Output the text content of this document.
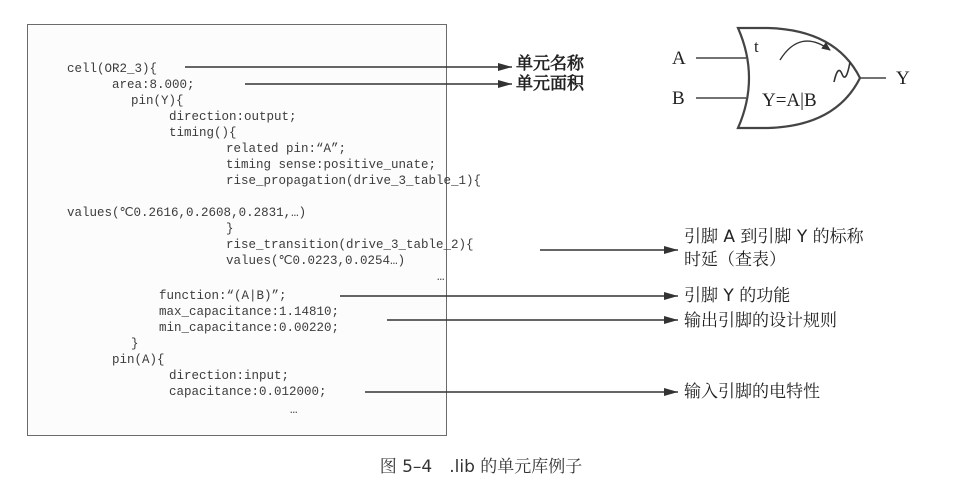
cell(OR2_3){
area:8.000;
pin(Y){
direction:output;
timing(){
related pin:“A”;
timing sense:positive_unate;
rise_propagation(drive_3_table_1){
values(℃0.2616,0.2608,0.2831,…)
}
rise_transition(drive_3_table_2){
values(℃0.0223,0.0254…)
…
function:“(A|B)”;
max_capacitance:1.14810;
min_capacitance:0.00220;
}
pin(A){
direction:input;
capacitance:0.012000;
…
单元名称
单元面积
引脚 A 到引脚 Y 的标称
时延（查表）
引脚 Y 的功能
输出引脚的设计规则
输入引脚的电特性
A
B
Y
t
Y=A|B
图 5–4　.lib 的单元库例子
